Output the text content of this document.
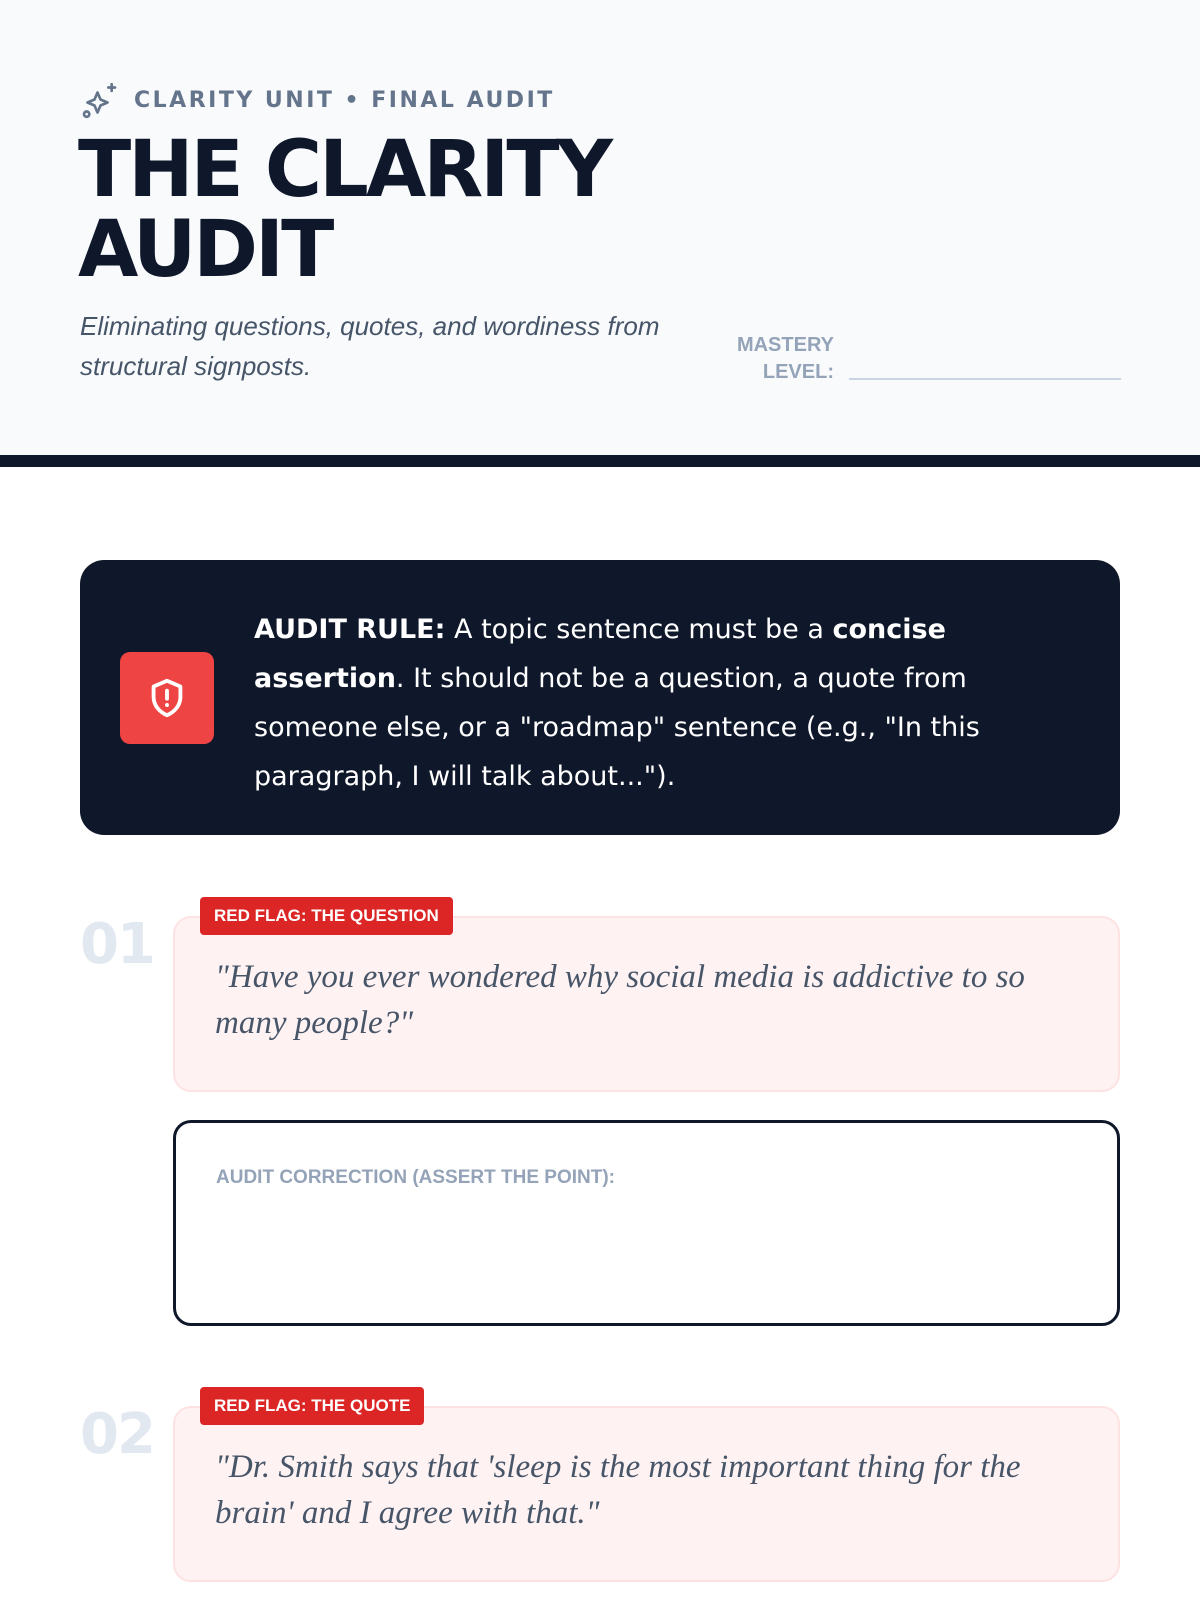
CLARITY UNIT • FINAL AUDIT
THE CLARITY
AUDIT
Eliminating questions, quotes, and wordiness from structural signposts.
MASTERY
LEVEL:

AUDIT RULE: A topic sentence must be a concise assertion. It should not be a question, a quote from someone else, or a "roadmap" sentence (e.g., "In this paragraph, I will talk about...").

01 "Have you ever wondered why social media is addictive to so many people?"

RED FLAG: THE QUESTION
AUDIT CORRECTION (ASSERT THE POINT):
02 "Dr. Smith says that 'sleep is the most important thing for the brain' and I agree with that."

RED FLAG: THE QUOTE
